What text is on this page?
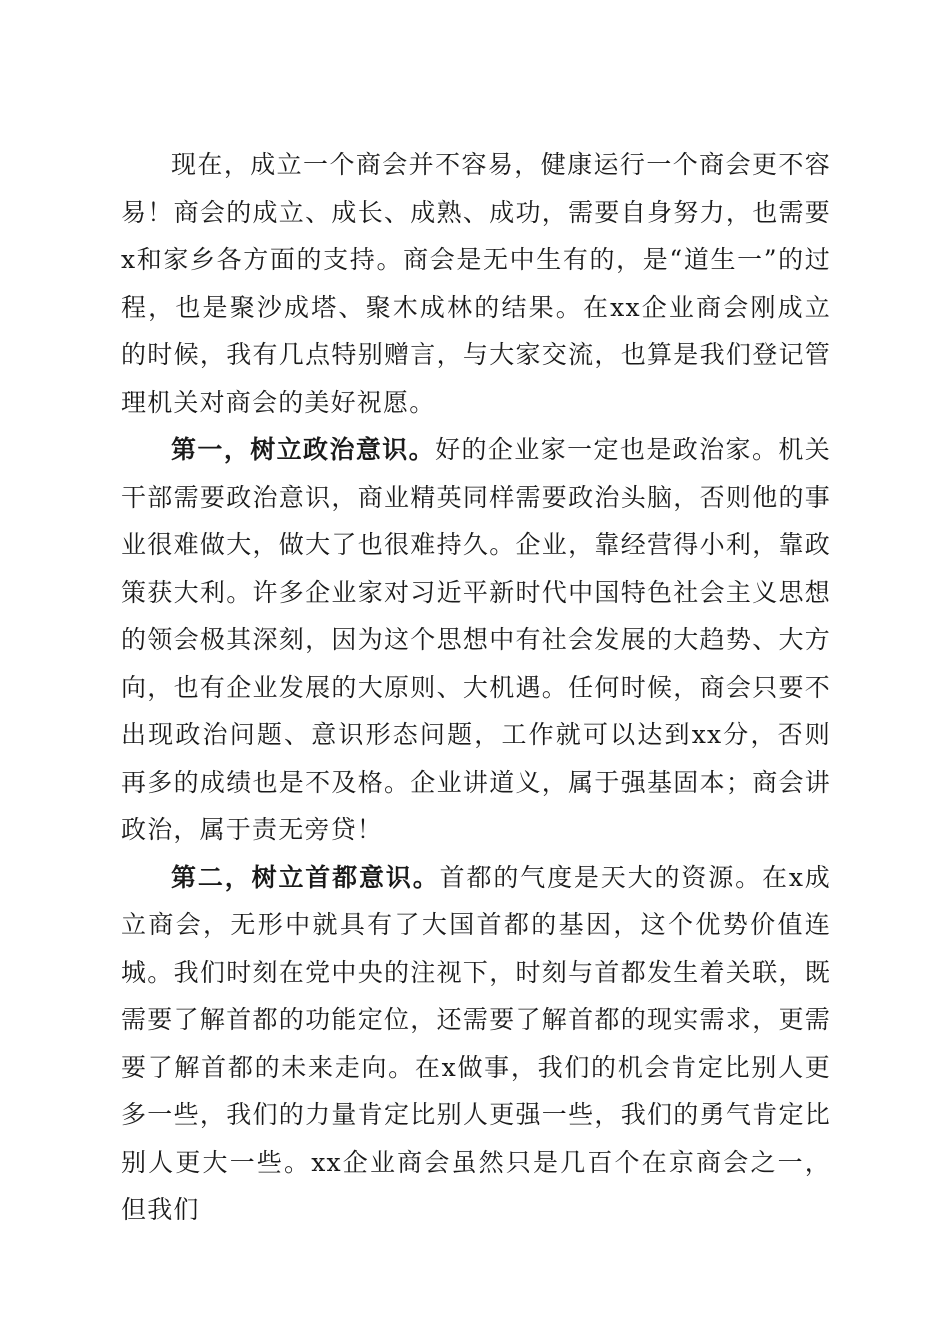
现在，成立一个商会并不容易，健康运行一个商会更不容易！商会的成立、成长、成熟、成功，需要自身努力，也需要x和家乡各方面的支持。商会是无中生有的，是“道生一”的过程，也是聚沙成塔、聚木成林的结果。在xx企业商会刚成立的时候，我有几点特别赠言，与大家交流，也算是我们登记管理机关对商会的美好祝愿。

第一，树立政治意识。好的企业家一定也是政治家。机关干部需要政治意识，商业精英同样需要政治头脑，否则他的事业很难做大，做大了也很难持久。企业，靠经营得小利，靠政策获大利。许多企业家对习近平新时代中国特色社会主义思想的领会极其深刻，因为这个思想中有社会发展的大趋势、大方向，也有企业发展的大原则、大机遇。任何时候，商会只要不出现政治问题、意识形态问题，工作就可以达到xx分，否则再多的成绩也是不及格。企业讲道义，属于强基固本；商会讲政治，属于责无旁贷！

第二，树立首都意识。首都的气度是天大的资源。在x成立商会，无形中就具有了大国首都的基因，这个优势价值连城。我们时刻在党中央的注视下，时刻与首都发生着关联，既需要了解首都的功能定位，还需要了解首都的现实需求，更需要了解首都的未来走向。在x做事，我们的机会肯定比别人更多一些，我们的力量肯定比别人更强一些，我们的勇气肯定比别人更大一些。xx企业商会虽然只是几百个在京商会之一，但我们
